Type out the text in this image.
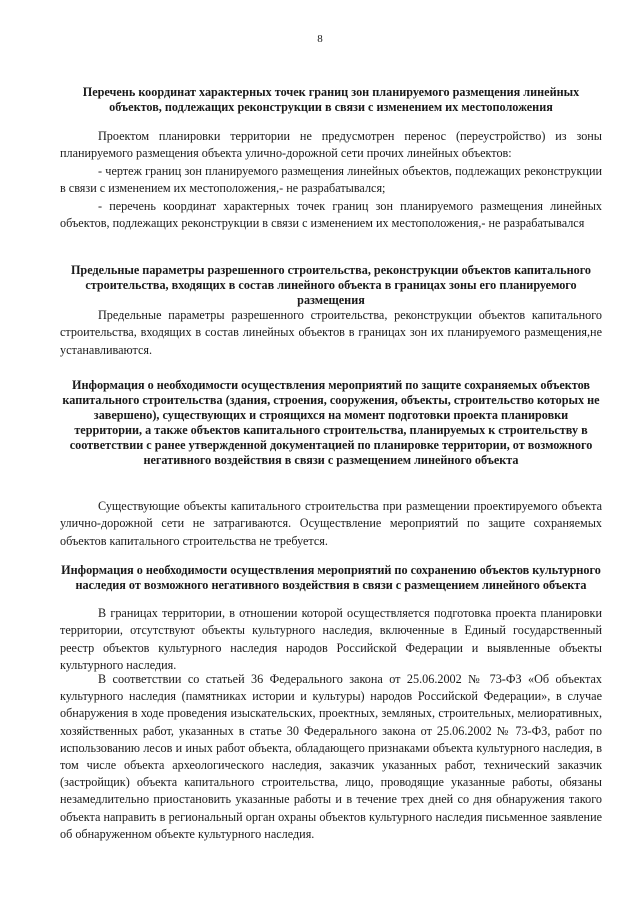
8
Перечень координат характерных точек границ зон планируемого размещения линейных объектов, подлежащих реконструкции в связи с изменением их местоположения

Проектом планировки территории не предусмотрен перенос (переустройство) из зоны планируемого размещения объекта улично-дорожной сети прочих линейных объектов:

- чертеж границ зон планируемого размещения линейных объектов, подлежащих реконструкции в связи с изменением их местоположения,- не разрабатывался;

- перечень координат характерных точек границ зон планируемого размещения линейных объектов, подлежащих реконструкции в связи с изменением их местоположения,- не разрабатывался

Предельные параметры разрешенного строительства, реконструкции объектов капитального строительства, входящих в состав линейного объекта в границах зоны его планируемого размещения

Предельные параметры разрешенного строительства, реконструкции объектов капитального строительства, входящих в состав линейных объектов в границах зон их планируемого размещения,не устанавливаются.

Информация о необходимости осуществления мероприятий по защите сохраняемых объектов капитального строительства (здания, строения, сооружения, объекты, строительство которых не завершено), существующих и строящихся на момент подготовки проекта планировки территории, а также объектов капитального строительства, планируемых к строительству в соответствии с ранее утвержденной документацией по планировке территории, от возможного негативного воздействия в связи с размещением линейного объекта

Существующие объекты капитального строительства при размещении проектируемого объекта улично-дорожной сети не затрагиваются. Осуществление мероприятий по защите сохраняемых объектов капитального строительства не требуется.

Информация о необходимости осуществления мероприятий по сохранению объектов культурного наследия от возможного негативного воздействия в связи с размещением линейного объекта

В границах территории, в отношении которой осуществляется подготовка проекта планировки территории, отсутствуют объекты культурного наследия, включенные в Единый государственный реестр объектов культурного наследия народов Российской Федерации и выявленные объекты культурного наследия.

В соответствии со статьей 36 Федерального закона от 25.06.2002 № 73-ФЗ «Об объектах культурного наследия (памятниках истории и культуры) народов Российской Федерации», в случае обнаружения в ходе проведения изыскательских, проектных, земляных, строительных, мелиоративных, хозяйственных работ, указанных в статье 30 Федерального закона от 25.06.2002 № 73-ФЗ, работ по использованию лесов и иных работ объекта, обладающего признаками объекта культурного наследия, в том числе объекта археологического наследия, заказчик указанных работ, технический заказчик (застройщик) объекта капитального строительства, лицо, проводящие указанные работы, обязаны незамедлительно приостановить указанные работы и в течение трех дней со дня обнаружения такого объекта направить в региональный орган охраны объектов культурного наследия письменное заявление об обнаруженном объекте культурного наследия.
